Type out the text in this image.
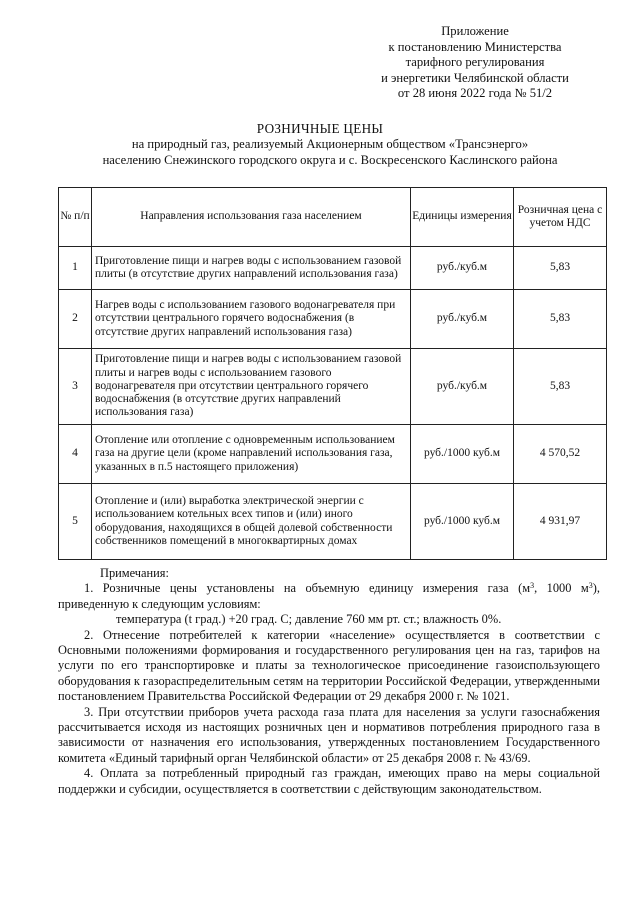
Приложение
к постановлению Министерства
тарифного регулирования
и энергетики Челябинской области
от 28 июня 2022 года № 51/2
РОЗНИЧНЫЕ ЦЕНЫ
на природный газ, реализуемый Акционерным обществом «Трансэнерго»
населению Снежинского городского округа и с. Воскресенского Каслинского района
№ п/п	Направления использования газа населением	Единицы измерения	Розничная цена с учетом НДС
1	Приготовление пищи и нагрев воды с использованием газовой плиты (в отсутствие других направлений использования газа)	руб./куб.м	5,83
2	Нагрев воды с использованием газового водонагревателя при отсутствии центрального горячего водоснабжения (в отсутствие других направлений использования газа)	руб./куб.м	5,83
3	Приготовление пищи и нагрев воды с использованием газовой плиты и нагрев воды с использованием газового водонагревателя при отсутствии центрального горячего водоснабжения (в отсутствие других направлений использования газа)	руб./куб.м	5,83
4	Отопление или отопление с одновременным использованием газа на другие цели (кроме направлений использования газа, указанных в п.5 настоящего приложения)	руб./1000 куб.м	4 570,52
5	Отопление и (или) выработка электрической энергии с использованием котельных всех типов и (или) иного оборудования, находящихся в общей долевой собственности собственников помещений в многоквартирных домах	руб./1000 куб.м	4 931,97

Примечания:

1. Розничные цены установлены на объемную единицу измерения газа ($м^3$, 1000 $м^3$), приведенную к следующим условиям:

температура (t град.) +20 град. С; давление 760 мм рт. ст.; влажность 0%.

2. Отнесение потребителей к категории «население» осуществляется в соответствии с Основными положениями формирования и государственного регулирования цен на газ, тарифов на услуги по его транспортировке и платы за технологическое присоединение газоиспользующего оборудования к газораспределительным сетям на территории Российской Федерации, утвержденными постановлением Правительства Российской Федерации от 29 декабря 2000 г. № 1021.

3. При отсутствии приборов учета расхода газа плата для населения за услуги газоснабжения рассчитывается исходя из настоящих розничных цен и нормативов потребления природного газа в зависимости от назначения его использования, утвержденных постановлением Государственного комитета «Единый тарифный орган Челябинской области» от 25 декабря 2008 г. № 43/69.

4. Оплата за потребленный природный газ граждан, имеющих право на меры социальной поддержки и субсидии, осуществляется в соответствии с действующим законодательством.
